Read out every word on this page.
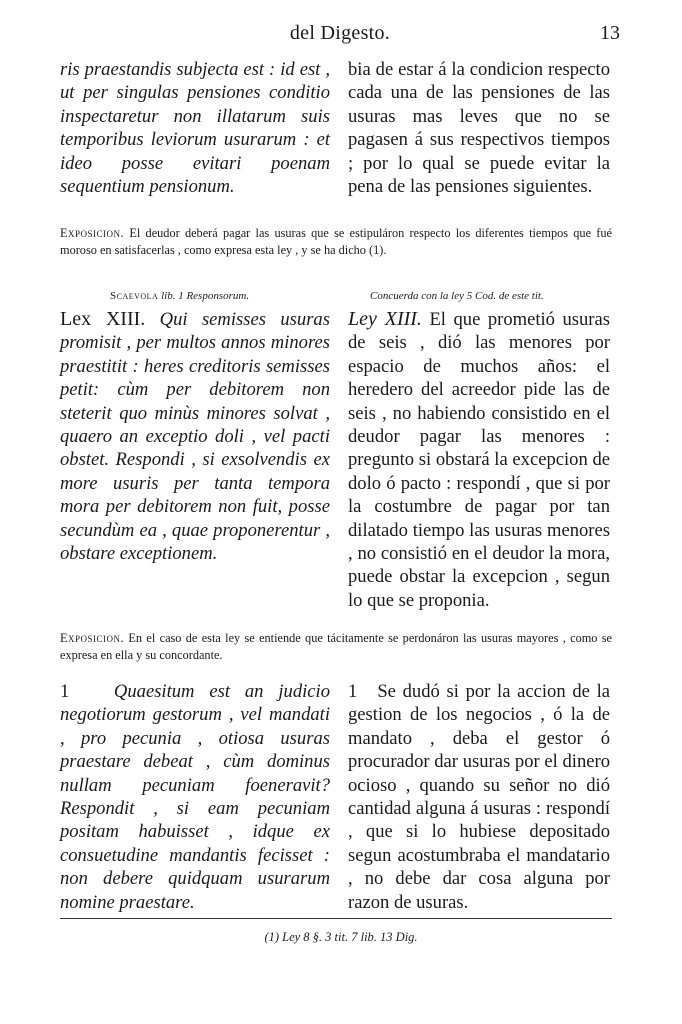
del Digesto.	13

ris praestandis subjecta est : id est , ut per singulas pensiones conditio inspectaretur non illatarum suis temporibus leviorum usurarum : et ideo posse evitari poenam sequentium pensionum.

bia de estar á la condicion respecto cada una de las pensiones de las usuras mas leves que no se pagasen á sus respectivos tiempos ; por lo qual se puede evitar la pena de las pensiones siguientes.

Exposicion. El deudor deberá pagar las usuras que se estipuláron respecto los diferentes tiempos que fué moroso en satisfacerlas , como expresa esta ley , y se ha dicho (1).
Scaevola lib. 1 Responsorum.	Concuerda con la ley 5 Cod. de este tit.

Lex XIII. Qui semisses usuras promisit , per multos annos minores praestitit : heres creditoris semisses petit: cùm per debitorem non steterit quo minùs minores solvat , quaero an exceptio doli , vel pacti obstet. Respondi , si exsolvendis ex more usuris per tanta tempora mora per debitorem non fuit, posse secundùm ea , quae proponerentur , obstare exceptionem.

Ley XIII. El que prometió usuras de seis , dió las menores por espacio de muchos años: el heredero del acreedor pide las de seis , no habiendo consistido en el deudor pagar las menores : pregunto si obstará la excepcion de dolo ó pacto : respondí , que si por la costumbre de pagar por tan dilatado tiempo las usuras menores , no consistió en el deudor la mora, puede obstar la excepcion , segun lo que se proponia.

Exposicion. En el caso de esta ley se entiende que tácitamente se perdonáron las usuras mayores , como se expresa en ella y su concordante.

1 Quaesitum est an judicio negotiorum gestorum , vel mandati , pro pecunia , otiosa usuras praestare debeat , cùm dominus nullam pecuniam foeneravit? Respondit , si eam pecuniam positam habuisset , idque ex consuetudine mandantis fecisset : non debere quidquam usurarum nomine praestare.

1 Se dudó si por la accion de la gestion de los negocios , ó la de mandato , deba el gestor ó procurador dar usuras por el dinero ocioso , quando su señor no dió cantidad alguna á usuras : respondí , que si lo hubiese depositado segun acostumbraba el mandatario , no debe dar cosa alguna por razon de usuras.

(1) Ley 8 §. 3 tit. 7 lib. 13 Dig.
